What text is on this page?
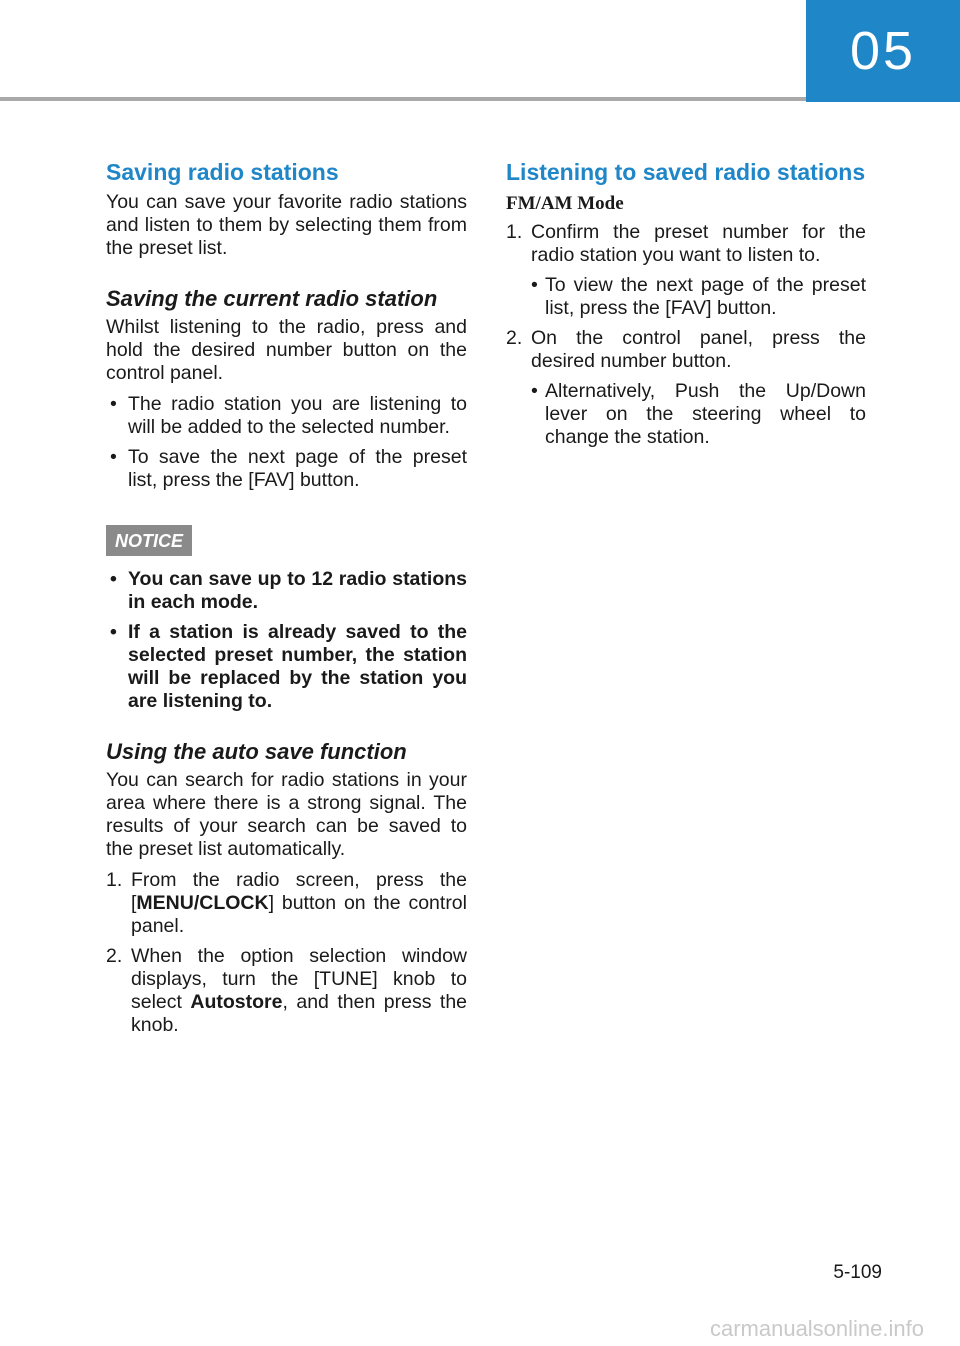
05
Saving radio stations

You can save your favorite radio stations and listen to them by selecting them from the preset list.

Saving the current radio station

Whilst listening to the radio, press and hold the desired number button on the control panel.

• The radio station you are listening to will be added to the selected number.
• To save the next page of the preset list, press the [FAV] button.
NOTICE
• You can save up to 12 radio stations in each mode.
• If a station is already saved to the selected preset number, the station will be replaced by the station you are listening to.
Using the auto save function

You can search for radio stations in your area where there is a strong signal. The results of your search can be saved to the preset list automatically.

1. From the radio screen, press the [MENU/CLOCK] button on the control panel.
2. When the option selection window displays, turn the [TUNE] knob to select Autostore, and then press the knob.
Listening to saved radio stations
FM/AM Mode
1. Confirm the preset number for the radio station you want to listen to.
• To view the next page of the preset list, press the [FAV] button.
2. On the control panel, press the desired number button.
• Alternatively, Push the Up/Down lever on the steering wheel to change the station.
5-109
carmanualsonline.info
